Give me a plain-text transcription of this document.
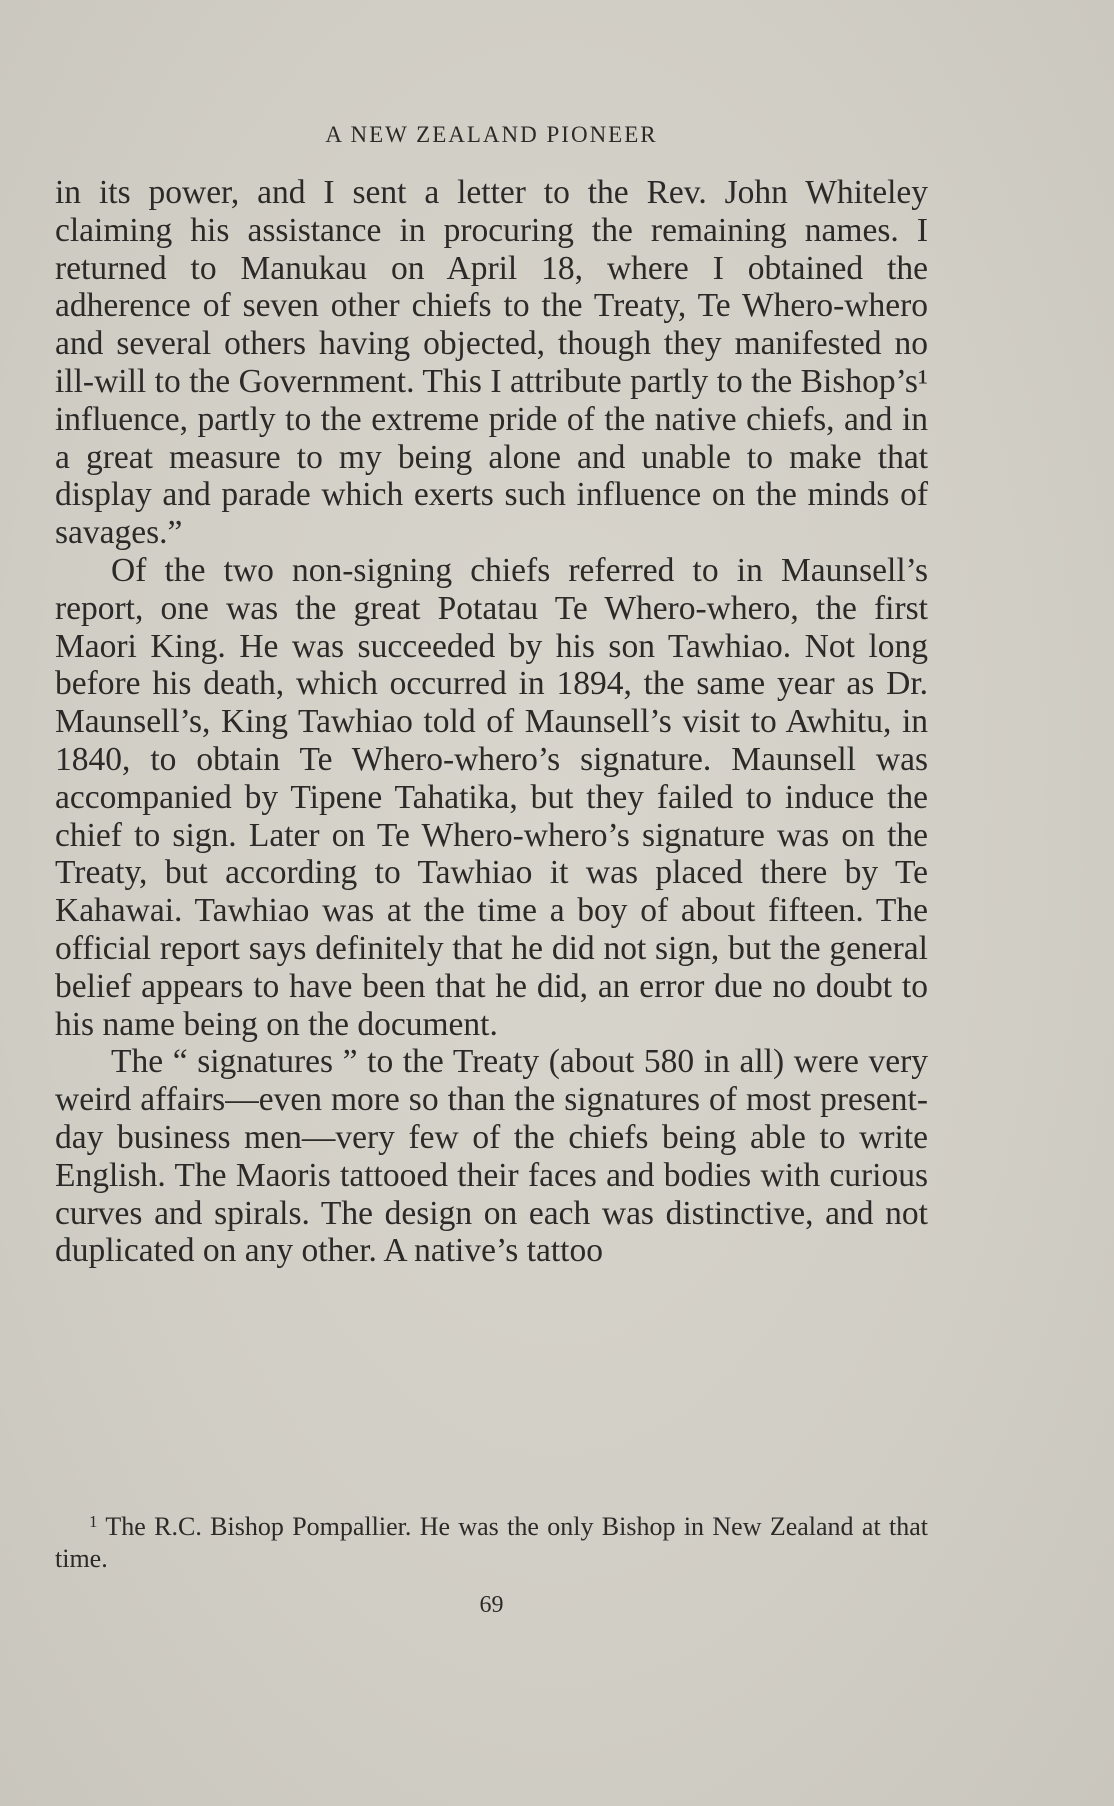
A NEW ZEALAND PIONEER

in its power, and I sent a letter to the Rev. John Whiteley claiming his assistance in procuring the remaining names. I returned to Manukau on April 18, where I obtained the adherence of seven other chiefs to the Treaty, Te Whero-whero and several others having objected, though they manifested no ill-will to the Government. This I attribute partly to the Bishop’s¹ influence, partly to the extreme pride of the native chiefs, and in a great measure to my being alone and unable to make that display and parade which exerts such influence on the minds of savages.”

Of the two non-signing chiefs referred to in Maunsell’s report, one was the great Potatau Te Whero-whero, the first Maori King. He was succeeded by his son Tawhiao. Not long before his death, which occurred in 1894, the same year as Dr. Maunsell’s, King Tawhiao told of Maunsell’s visit to Awhitu, in 1840, to obtain Te Whero-whero’s signature. Maunsell was accompanied by Tipene Tahatika, but they failed to induce the chief to sign. Later on Te Whero-whero’s signature was on the Treaty, but according to Tawhiao it was placed there by Te Kahawai. Tawhiao was at the time a boy of about fifteen. The official report says definitely that he did not sign, but the general belief appears to have been that he did, an error due no doubt to his name being on the document.

The “ signatures ” to the Treaty (about 580 in all) were very weird affairs—even more so than the signatures of most present-day business men—very few of the chiefs being able to write English. The Maoris tattooed their faces and bodies with curious curves and spirals. The design on each was distinctive, and not duplicated on any other. A native’s tattoo

$^1$ The R.C. Bishop Pompallier. He was the only Bishop in New Zealand at that time.
69
